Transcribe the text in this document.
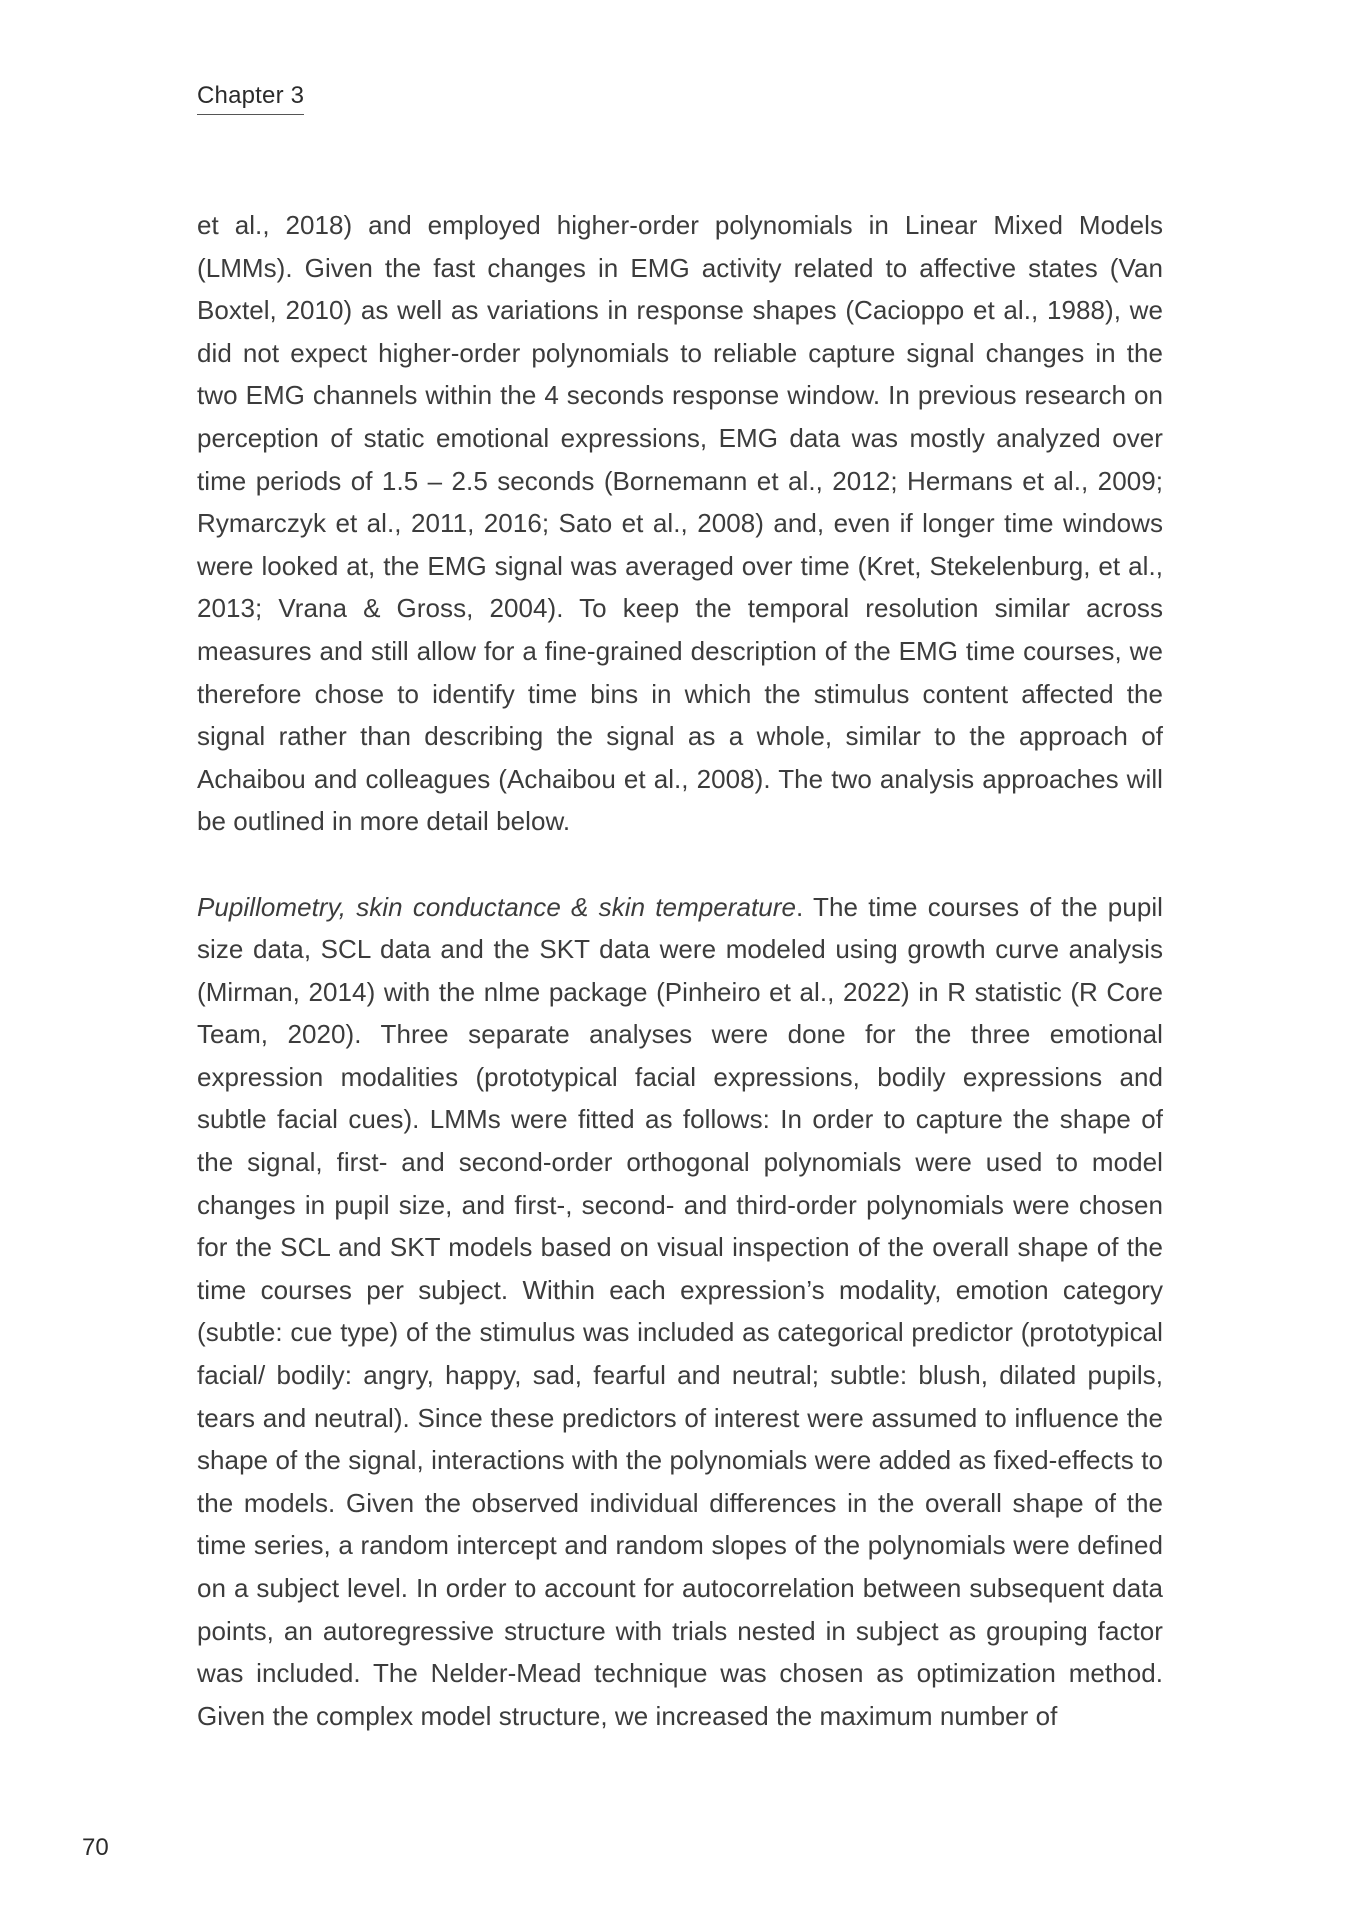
Chapter 3

et al., 2018) and employed higher-order polynomials in Linear Mixed Models (LMMs). Given the fast changes in EMG activity related to affective states (Van Boxtel, 2010) as well as variations in response shapes (Cacioppo et al., 1988), we did not expect higher-order polynomials to reliable capture signal changes in the two EMG channels within the 4 seconds response window. In previous research on perception of static emotional expressions, EMG data was mostly analyzed over time periods of 1.5 – 2.5 seconds (Bornemann et al., 2012; Hermans et al., 2009; Rymarczyk et al., 2011, 2016; Sato et al., 2008) and, even if longer time windows were looked at, the EMG signal was averaged over time (Kret, Stekelenburg, et al., 2013; Vrana & Gross, 2004). To keep the temporal resolution similar across measures and still allow for a fine-grained description of the EMG time courses, we therefore chose to identify time bins in which the stimulus content affected the signal rather than describing the signal as a whole, similar to the approach of Achaibou and colleagues (Achaibou et al., 2008). The two analysis approaches will be outlined in more detail below.

Pupillometry, skin conductance & skin temperature. The time courses of the pupil size data, SCL data and the SKT data were modeled using growth curve analysis (Mirman, 2014) with the nlme package (Pinheiro et al., 2022) in R statistic (R Core Team, 2020). Three separate analyses were done for the three emotional expression modalities (prototypical facial expressions, bodily expressions and subtle facial cues). LMMs were fitted as follows: In order to capture the shape of the signal, first- and second-order orthogonal polynomials were used to model changes in pupil size, and first-, second- and third-order polynomials were chosen for the SCL and SKT models based on visual inspection of the overall shape of the time courses per subject. Within each expression’s modality, emotion category (subtle: cue type) of the stimulus was included as categorical predictor (prototypical facial/ bodily: angry, happy, sad, fearful and neutral; subtle: blush, dilated pupils, tears and neutral). Since these predictors of interest were assumed to influence the shape of the signal, interactions with the polynomials were added as fixed-effects to the models. Given the observed individual differences in the overall shape of the time series, a random intercept and random slopes of the polynomials were defined on a subject level. In order to account for autocorrelation between subsequent data points, an autoregressive structure with trials nested in subject as grouping factor was included. The Nelder-Mead technique was chosen as optimization method. Given the complex model structure, we increased the maximum number of

70
